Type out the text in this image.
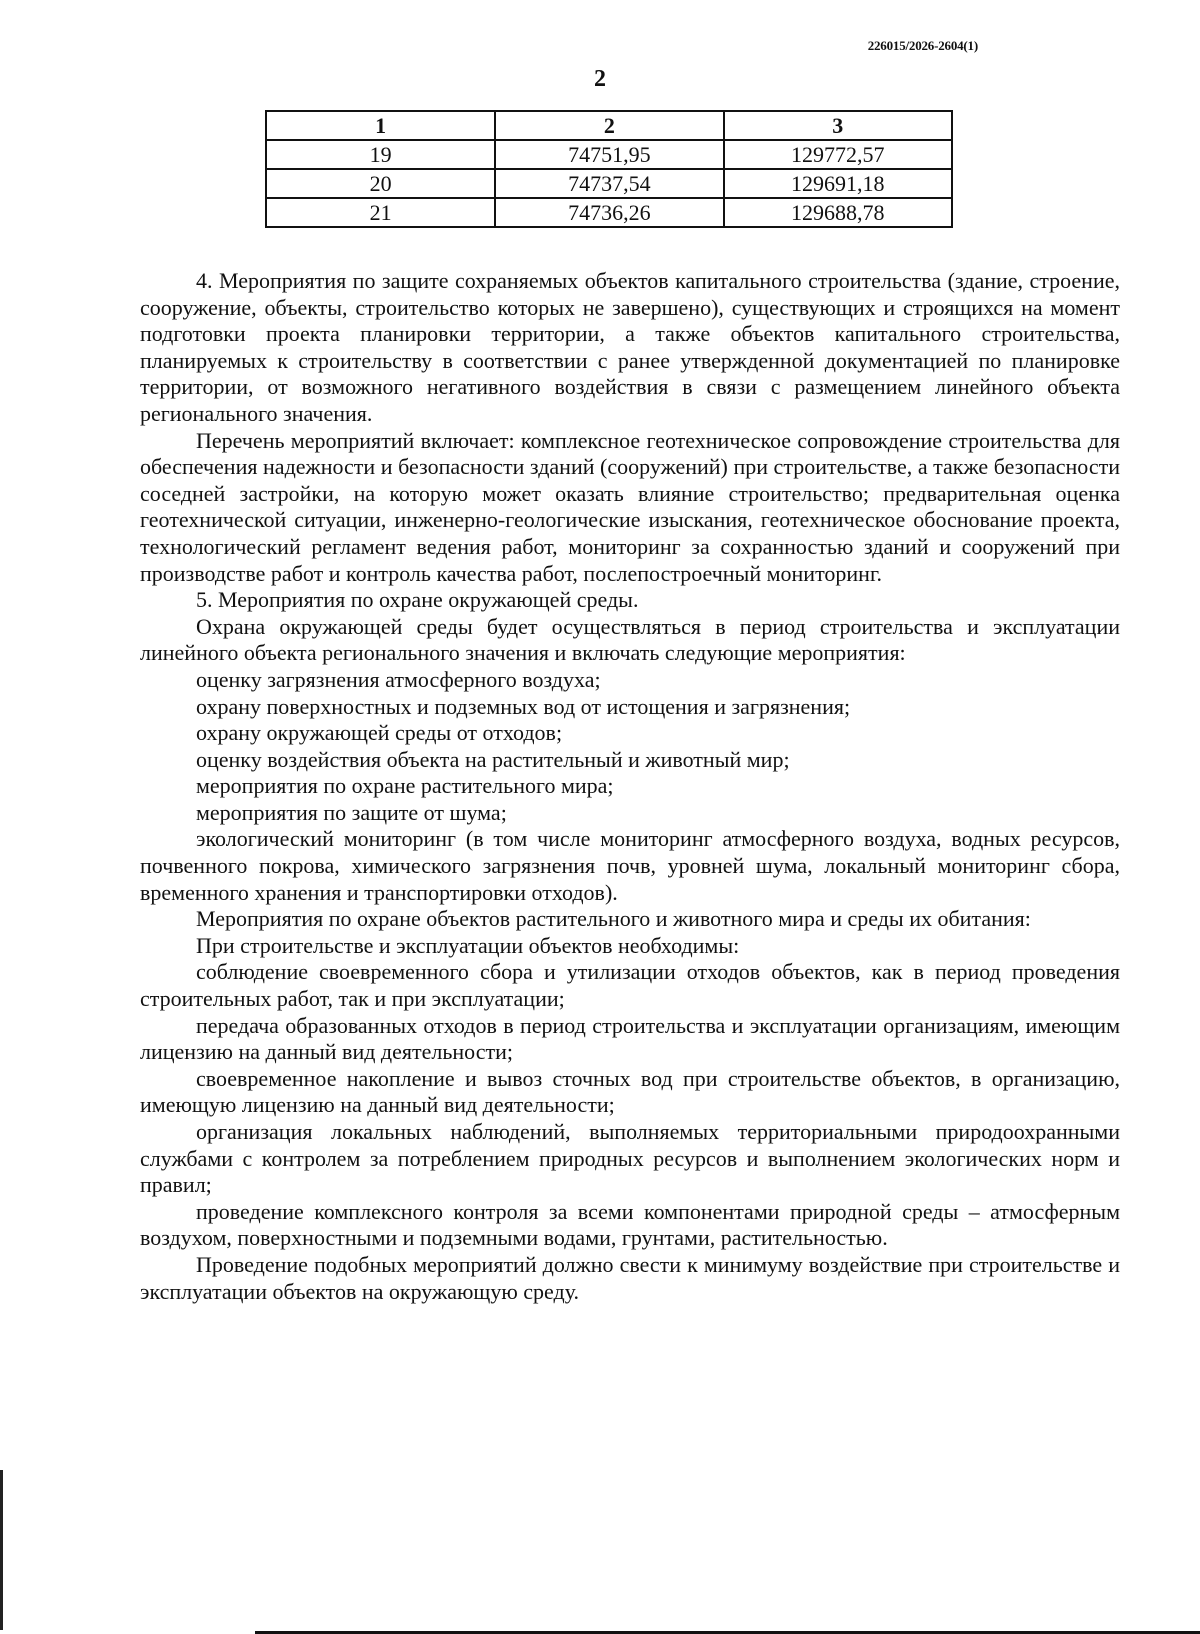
226015/2026-2604(1)
2
1	2	3
19	74751,95	129772,57
20	74737,54	129691,18
21	74736,26	129688,78

4. Мероприятия по защите сохраняемых объектов капитального строительства (здание, строение, сооружение, объекты, строительство которых не завершено), существующих и строящихся на момент подготовки проекта планировки территории, а также объектов капитального строительства, планируемых к строительству в соответствии с ранее утвержденной документацией по планировке территории, от возможного негативного воздействия в связи с размещением линейного объекта регионального значения.

Перечень мероприятий включает: комплексное геотехническое сопровождение строительства для обеспечения надежности и безопасности зданий (сооружений) при строительстве, а также безопасности соседней застройки, на которую может оказать влияние строительство; предварительная оценка геотехнической ситуации, инженерно-геологические изыскания, геотехническое обоснование проекта, технологический регламент ведения работ, мониторинг за сохранностью зданий и сооружений при производстве работ и контроль качества работ, послепостроечный мониторинг.

5. Мероприятия по охране окружающей среды.

Охрана окружающей среды будет осуществляться в период строительства и эксплуатации линейного объекта регионального значения и включать следующие мероприятия:

оценку загрязнения атмосферного воздуха;

охрану поверхностных и подземных вод от истощения и загрязнения;

охрану окружающей среды от отходов;

оценку воздействия объекта на растительный и животный мир;

мероприятия по охране растительного мира;

мероприятия по защите от шума;

экологический мониторинг (в том числе мониторинг атмосферного воздуха, водных ресурсов, почвенного покрова, химического загрязнения почв, уровней шума, локальный мониторинг сбора, временного хранения и транспортировки отходов).

Мероприятия по охране объектов растительного и животного мира и среды их обитания:

При строительстве и эксплуатации объектов необходимы:

соблюдение своевременного сбора и утилизации отходов объектов, как в период проведения строительных работ, так и при эксплуатации;

передача образованных отходов в период строительства и эксплуатации организациям, имеющим лицензию на данный вид деятельности;

своевременное накопление и вывоз сточных вод при строительстве объектов, в организацию, имеющую лицензию на данный вид деятельности;

организация локальных наблюдений, выполняемых территориальными природоохранными службами с контролем за потреблением природных ресурсов и выполнением экологических норм и правил;

проведение комплексного контроля за всеми компонентами природной среды – атмосферным воздухом, поверхностными и подземными водами, грунтами, растительностью.

Проведение подобных мероприятий должно свести к минимуму воздействие при строительстве и эксплуатации объектов на окружающую среду.
